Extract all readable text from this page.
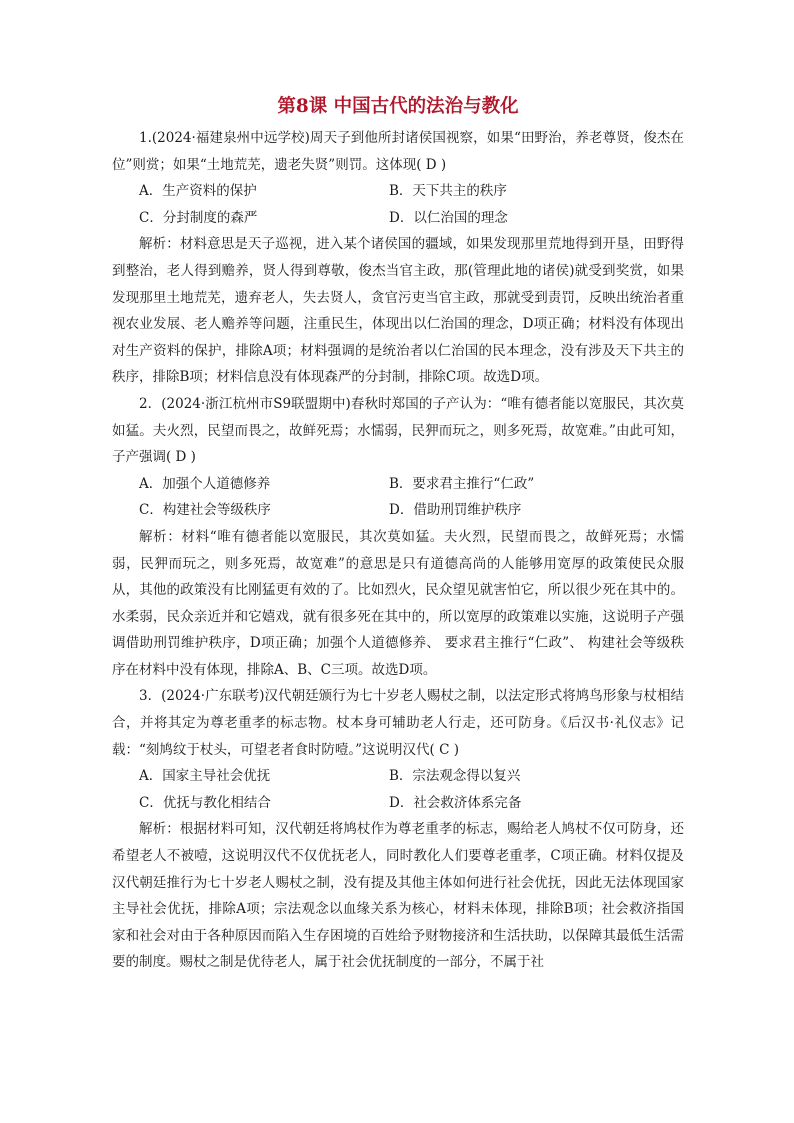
第8课 中国古代的法治与教化

1.(2024·福建泉州中远学校)周天子到他所封诸侯国视察，如果“田野治，养老尊贤，俊杰在位”则赏；如果“土地荒芜，遗老失贤”则罚。这体现( D )

A．生产资料的保护	B．天下共主的秩序
C．分封制度的森严	D．以仁治国的理念

解析：材料意思是天子巡视，进入某个诸侯国的疆域，如果发现那里荒地得到开垦，田野得到整治，老人得到赡养，贤人得到尊敬，俊杰当官主政，那(管理此地的诸侯)就受到奖赏，如果发现那里土地荒芜，遗弃老人，失去贤人，贪官污吏当官主政，那就受到责罚，反映出统治者重视农业发展、老人赡养等问题，注重民生，体现出以仁治国的理念，D项正确；材料没有体现出对生产资料的保护，排除A项；材料强调的是统治者以仁治国的民本理念，没有涉及天下共主的秩序，排除B项；材料信息没有体现森严的分封制，排除C项。故选D项。

2．(2024·浙江杭州市S9联盟期中)春秋时郑国的子产认为：“唯有德者能以宽服民，其次莫如猛。夫火烈，民望而畏之，故鲜死焉；水懦弱，民狎而玩之，则多死焉，故宽难。”由此可知，子产强调( D )

A．加强个人道德修养	B．要求君主推行“仁政”
C．构建社会等级秩序	D．借助刑罚维护秩序

解析：材料“唯有德者能以宽服民，其次莫如猛。夫火烈，民望而畏之，故鲜死焉；水懦弱，民狎而玩之，则多死焉，故宽难”的意思是只有道德高尚的人能够用宽厚的政策使民众服从，其他的政策没有比刚猛更有效的了。比如烈火，民众望见就害怕它，所以很少死在其中的。水柔弱，民众亲近并和它嬉戏，就有很多死在其中的，所以宽厚的政策难以实施，这说明子产强调借助刑罚维护秩序，D项正确；加强个人道德修养、 要求君主推行“仁政”、 构建社会等级秩序在材料中没有体现，排除A、B、C三项。故选D项。

3．(2024·广东联考)汉代朝廷颁行为七十岁老人赐杖之制，以法定形式将鸠鸟形象与杖相结合，并将其定为尊老重孝的标志物。杖本身可辅助老人行走，还可防身。《后汉书·礼仪志》记载：“刻鸠纹于杖头，可望老者食时防噎。”这说明汉代( C )

A．国家主导社会优抚	B．宗法观念得以复兴
C．优抚与教化相结合	D．社会救济体系完备

解析：根据材料可知，汉代朝廷将鸠杖作为尊老重孝的标志，赐给老人鸠杖不仅可防身，还希望老人不被噎，这说明汉代不仅优抚老人，同时教化人们要尊老重孝，C项正确。材料仅提及汉代朝廷推行为七十岁老人赐杖之制，没有提及其他主体如何进行社会优抚，因此无法体现国家主导社会优抚，排除A项；宗法观念以血缘关系为核心，材料未体现，排除B项；社会救济指国家和社会对由于各种原因而陷入生存困境的百姓给予财物接济和生活扶助，以保障其最低生活需要的制度。赐杖之制是优待老人，属于社会优抚制度的一部分，不属于社
